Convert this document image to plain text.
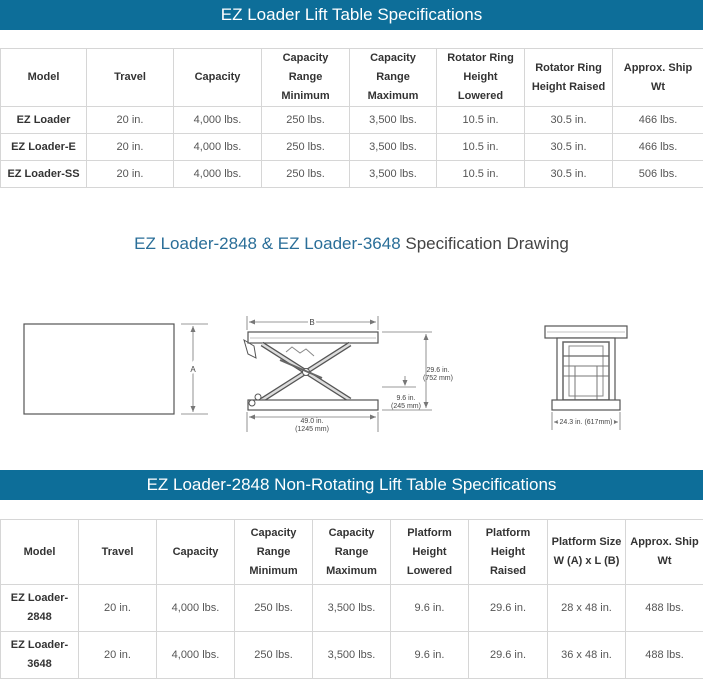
EZ Loader Lift Table Specifications
Model	Travel	Capacity	Capacity Range Minimum	Capacity Range Maximum	Rotator Ring Height Lowered	Rotator Ring Height Raised	Approx. Ship Wt
EZ Loader	20 in.	4,000 lbs.	250 lbs.	3,500 lbs.	10.5 in.	30.5 in.	466 lbs.
EZ Loader-E	20 in.	4,000 lbs.	250 lbs.	3,500 lbs.	10.5 in.	30.5 in.	466 lbs.
EZ Loader-SS	20 in.	4,000 lbs.	250 lbs.	3,500 lbs.	10.5 in.	30.5 in.	506 lbs.
EZ Loader-2848 & EZ Loader-3648 Specification Drawing
A
B
49.0 in.
(1245 mm)
29.6 in.
(752 mm)
9.6 in.
(245 mm)
24.3 in. (617mm)
EZ Loader-2848 Non-Rotating Lift Table Specifications
Model	Travel	Capacity	Capacity Range Minimum	Capacity Range Maximum	Platform Height Lowered	Platform Height Raised	Platform Size W (A) x L (B)	Approx. Ship Wt
EZ Loader-2848	20 in.	4,000 lbs.	250 lbs.	3,500 lbs.	9.6 in.	29.6 in.	28 x 48 in.	488 lbs.
EZ Loader-3648	20 in.	4,000 lbs.	250 lbs.	3,500 lbs.	9.6 in.	29.6 in.	36 x 48 in.	488 lbs.
